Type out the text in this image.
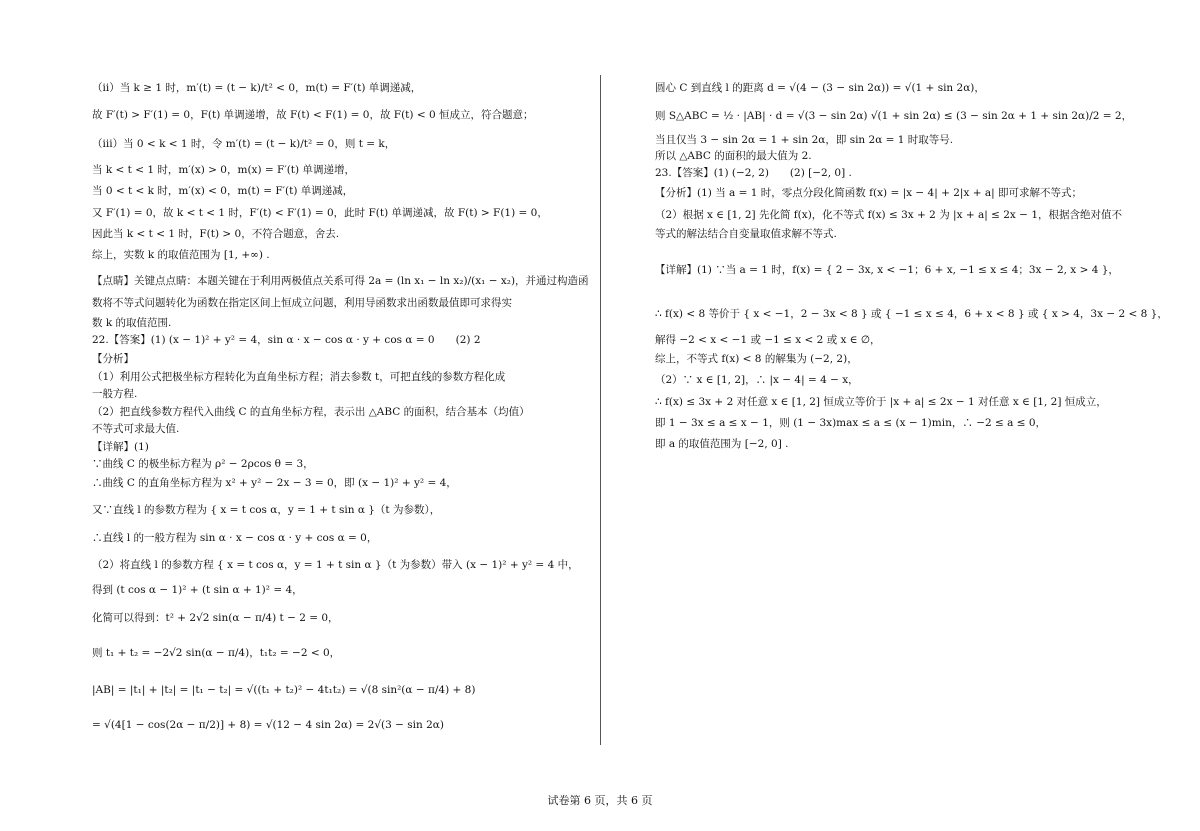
（ii）当 k ≥ 1 时，m′(t) = (t − k)/t² < 0，m(t) = F′(t) 单调递减，
故 F′(t) > F′(1) = 0，F(t) 单调递增，故 F(t) < F(1) = 0，故 F(t) < 0 恒成立，符合题意；
（iii）当 0 < k < 1 时，令 m′(t) = (t − k)/t² = 0，则 t = k，
当 k < t < 1 时，m′(x) > 0，m(x) = F′(t) 单调递增，
当 0 < t < k 时，m′(x) < 0，m(t) = F′(t) 单调递减，
又 F′(1) = 0，故 k < t < 1 时，F′(t) < F′(1) = 0，此时 F(t) 单调递减，故 F(t) > F(1) = 0，
因此当 k < t < 1 时，F(t) > 0，不符合题意，舍去.
综上，实数 k 的取值范围为 [1, +∞) .
【点睛】关键点点睛：本题关键在于利用两极值点关系可得 2a = (ln x₁ − ln x₂)/(x₁ − x₂)，并通过构造函
数将不等式问题转化为函数在指定区间上恒成立问题，利用导函数求出函数最值即可求得实
数 k 的取值范围.
22.【答案】(1) (x − 1)² + y² = 4，sin α · x − cos α · y + cos α = 0　　(2) 2
【分析】
（1）利用公式把极坐标方程转化为直角坐标方程；消去参数 t，可把直线的参数方程化成
一般方程.
（2）把直线参数方程代入曲线 C 的直角坐标方程，表示出 △ABC 的面积，结合基本（均值）
不等式可求最大值.
【详解】(1)
∵曲线 C 的极坐标方程为 ρ² − 2ρcos θ = 3，
∴曲线 C 的直角坐标方程为 x² + y² − 2x − 3 = 0，即 (x − 1)² + y² = 4，
又∵直线 l 的参数方程为 { x = t cos α，y = 1 + t sin α }（t 为参数），
∴直线 l 的一般方程为 sin α · x − cos α · y + cos α = 0，
（2）将直线 l 的参数方程 { x = t cos α，y = 1 + t sin α }（t 为参数）带入 (x − 1)² + y² = 4 中，
得到 (t cos α − 1)² + (t sin α + 1)² = 4，
化简可以得到：t² + 2√2 sin(α − π/4) t − 2 = 0，
则 t₁ + t₂ = −2√2 sin(α − π/4)，t₁t₂ = −2 < 0，
|AB| = |t₁| + |t₂| = |t₁ − t₂| = √((t₁ + t₂)² − 4t₁t₂) = √(8 sin²(α − π/4) + 8)
= √(4[1 − cos(2α − π/2)] + 8) = √(12 − 4 sin 2α) = 2√(3 − sin 2α)
圆心 C 到直线 l 的距离 d = √(4 − (3 − sin 2α)) = √(1 + sin 2α)，
则 S△ABC = ½ · |AB| · d = √(3 − sin 2α) √(1 + sin 2α) ≤ (3 − sin 2α + 1 + sin 2α)/2 = 2，
当且仅当 3 − sin 2α = 1 + sin 2α，即 sin 2α = 1 时取等号.
所以 △ABC 的面积的最大值为 2.
23.【答案】(1) (−2, 2)　　(2) [−2, 0] .
【分析】(1) 当 a = 1 时，零点分段化简函数 f(x) = |x − 4| + 2|x + a| 即可求解不等式；
（2）根据 x ∈ [1, 2] 先化简 f(x)，化不等式 f(x) ≤ 3x + 2 为 |x + a| ≤ 2x − 1，根据含绝对值不
等式的解法结合自变量取值求解不等式.
【详解】(1) ∵当 a = 1 时，f(x) = { 2 − 3x, x < −1；6 + x, −1 ≤ x ≤ 4；3x − 2, x > 4 }，
∴ f(x) < 8 等价于 { x < −1，2 − 3x < 8 } 或 { −1 ≤ x ≤ 4，6 + x < 8 } 或 { x > 4，3x − 2 < 8 }，
解得 −2 < x < −1 或 −1 ≤ x < 2 或 x ∈ ∅，
综上，不等式 f(x) < 8 的解集为 (−2, 2)，
（2）∵ x ∈ [1, 2]，∴ |x − 4| = 4 − x，
∴ f(x) ≤ 3x + 2 对任意 x ∈ [1, 2] 恒成立等价于 |x + a| ≤ 2x − 1 对任意 x ∈ [1, 2] 恒成立，
即 1 − 3x ≤ a ≤ x − 1，则 (1 − 3x)max ≤ a ≤ (x − 1)min，∴ −2 ≤ a ≤ 0，
即 a 的取值范围为 [−2, 0] .
试卷第 6 页，共 6 页
